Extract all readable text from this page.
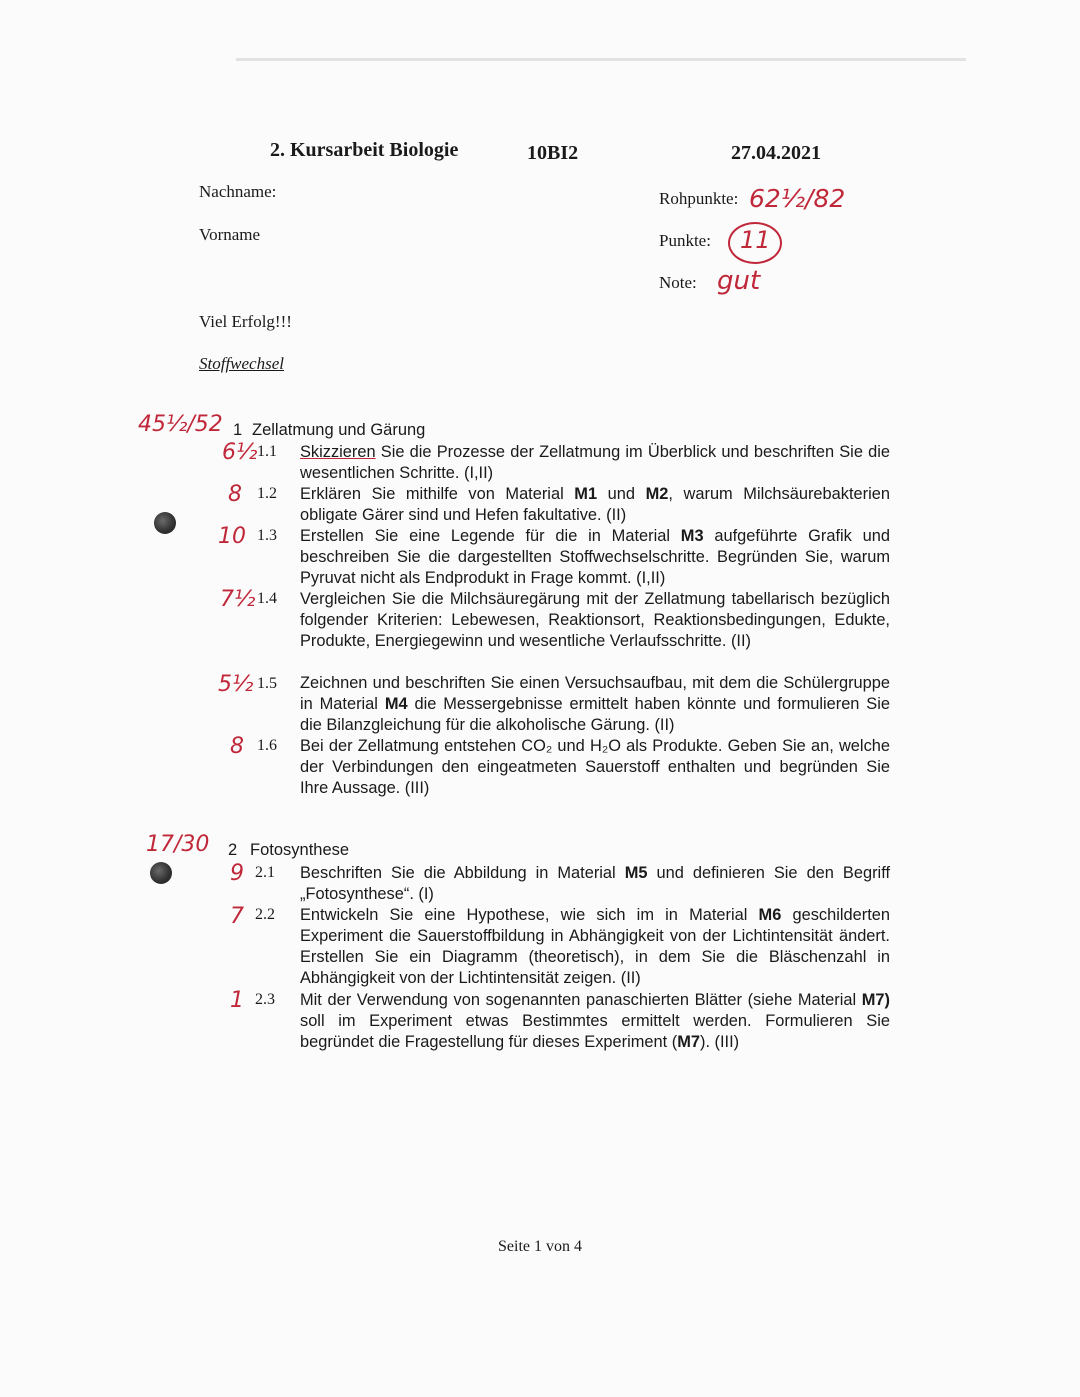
2. Kursarbeit Biologie	10BI2	27.04.2021
Nachname:
Vorname
Rohpunkte: 62½/82
Punkte: 11
Note: gut
Viel Erfolg!!!
Stoffwechsel
45½/52 1 Zellatmung und Gärung
6½ 1.1 Skizzieren Sie die Prozesse der Zellatmung im Überblick und beschriften Sie die wesentlichen Schritte. (I,II)
8 1.2 Erklären Sie mithilfe von Material M1 und M2, warum Milchsäurebakterien obligate Gärer sind und Hefen fakultative. (II)
10 1.3 Erstellen Sie eine Legende für die in Material M3 aufgeführte Grafik und beschreiben Sie die dargestellten Stoffwechselschritte. Begründen Sie, warum Pyruvat nicht als Endprodukt in Frage kommt. (I,II)
7½ 1.4 Vergleichen Sie die Milchsäuregärung mit der Zellatmung tabellarisch bezüglich folgender Kriterien: Lebewesen, Reaktionsort, Reaktionsbedingungen, Edukte, Produkte, Energiegewinn und wesentliche Verlaufsschritte. (II)
5½ 1.5 Zeichnen und beschriften Sie einen Versuchsaufbau, mit dem die Schülergruppe in Material M4 die Messergebnisse ermittelt haben könnte und formulieren Sie die Bilanzgleichung für die alkoholische Gärung. (II)
8 1.6 Bei der Zellatmung entstehen CO₂ und H₂O als Produkte. Geben Sie an, welche der Verbindungen den eingeatmeten Sauerstoff enthalten und begründen Sie Ihre Aussage. (III)
17/30 2 Fotosynthese
9 2.1 Beschriften Sie die Abbildung in Material M5 und definieren Sie den Begriff „Fotosynthese“. (I)
7 2.2 Entwickeln Sie eine Hypothese, wie sich im in Material M6 geschilderten Experiment die Sauerstoffbildung in Abhängigkeit von der Lichtintensität ändert. Erstellen Sie ein Diagramm (theoretisch), in dem Sie die Bläschenzahl in Abhängigkeit von der Lichtintensität zeigen. (II)
1 2.3 Mit der Verwendung von sogenannten panaschierten Blätter (siehe Material M7) soll im Experiment etwas Bestimmtes ermittelt werden. Formulieren Sie begründet die Fragestellung für dieses Experiment (M7). (III)
Seite 1 von 4
